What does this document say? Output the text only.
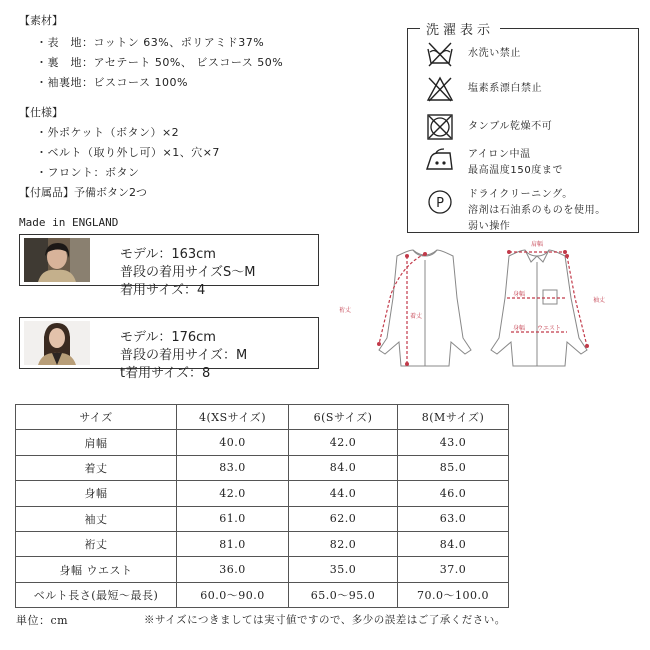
【素材】
・表　地：コットン 63%、ポリアミド37%
・裏　地：アセテート 50%、 ビスコース 50%
・袖裏地：ビスコース 100%
【仕様】
・外ポケット（ボタン）×2
・ベルト（取り外し可）×1、穴×7
・フロント：ボタン
【付属品】予備ボタン2つ
Made in ENGLAND
水洗い禁止
塩素系漂白禁止
タンブル乾燥不可
アイロン中温
最高温度150度まで
P
ドライクリーニング。
溶剤は石油系のものを使用。
弱い操作
洗濯表示
モデル：163cm
普段の着用サイズS〜M
着用サイズ：4
モデル：176cm
普段の着用サイズ：M
t着用サイズ：8
裄丈
着丈
肩幅
身幅
身幅 ウエスト
袖丈
サイズ	4(XSサイズ)	6(Sサイズ)	8(Mサイズ)
肩幅	40.0	42.0	43.0
着丈	83.0	84.0	85.0
身幅	42.0	44.0	46.0
袖丈	61.0	62.0	63.0
裄丈	81.0	82.0	84.0
身幅 ウエスト	36.0	35.0	37.0
ベルト長さ(最短〜最長)	60.0〜90.0	65.0〜95.0	70.0〜100.0
単位：cm	※サイズにつきましては実寸値ですので、多少の誤差はご了承ください。
